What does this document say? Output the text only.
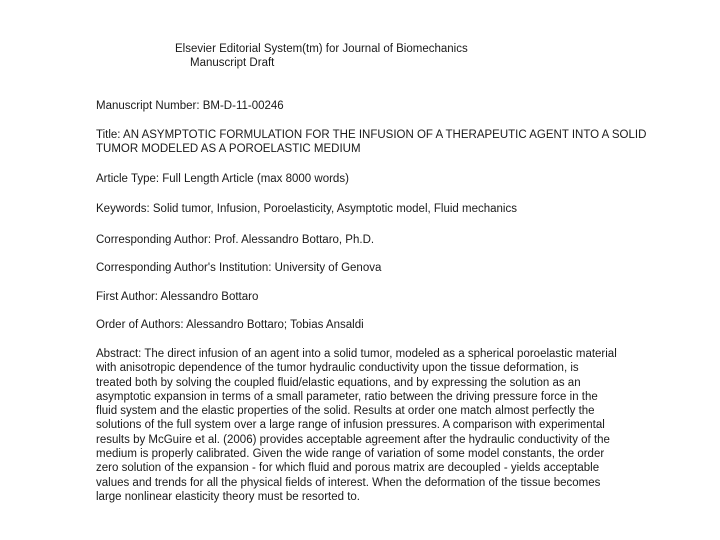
Elsevier Editorial System(tm) for Journal of Biomechanics
Manuscript Draft
Manuscript Number: BM-D-11-00246
Title: AN ASYMPTOTIC FORMULATION FOR THE INFUSION OF A THERAPEUTIC AGENT INTO A SOLID
TUMOR MODELED AS A POROELASTIC MEDIUM
Article Type: Full Length Article (max 8000 words)
Keywords: Solid tumor, Infusion, Poroelasticity, Asymptotic model, Fluid mechanics
Corresponding Author: Prof. Alessandro Bottaro, Ph.D.
Corresponding Author's Institution: University of Genova
First Author: Alessandro Bottaro
Order of Authors: Alessandro Bottaro; Tobias Ansaldi
Abstract: The direct infusion of an agent into a solid tumor, modeled as a spherical poroelastic material
with anisotropic dependence of the tumor hydraulic conductivity upon the tissue deformation, is
treated both by solving the coupled fluid/elastic equations, and by expressing the solution as an
asymptotic expansion in terms of a small parameter, ratio between the driving pressure force in the
fluid system and the elastic properties of the solid. Results at order one match almost perfectly the
solutions of the full system over a large range of infusion pressures. A comparison with experimental
results by McGuire et al. (2006) provides acceptable agreement after the hydraulic conductivity of the
medium is properly calibrated. Given the wide range of variation of some model constants, the order
zero solution of the expansion - for which fluid and porous matrix are decoupled - yields acceptable
values and trends for all the physical fields of interest. When the deformation of the tissue becomes
large nonlinear elasticity theory must be resorted to.
